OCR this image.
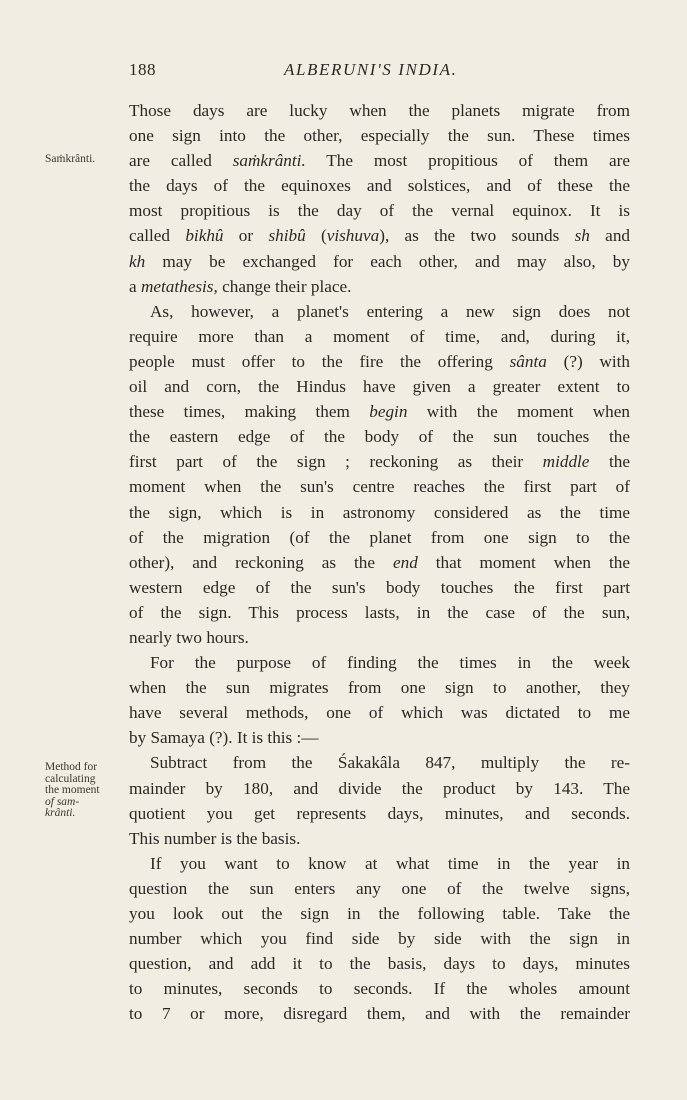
188	ALBERUNI'S INDIA.
Saṁkrânti.
Method for
calculating
the moment
of sam-
krânti.
Those days are lucky when the planets migrate from
one sign into the other, especially the sun. These times
are called saṁkrânti. The most propitious of them are
the days of the equinoxes and solstices, and of these the
most propitious is the day of the vernal equinox. It is
called bikhû or shibû (vishuva), as the two sounds sh and
kh may be exchanged for each other, and may also, by
a metathesis, change their place.
As, however, a planet's entering a new sign does not
require more than a moment of time, and, during it,
people must offer to the fire the offering sânta (?) with
oil and corn, the Hindus have given a greater extent to
these times, making them begin with the moment when
the eastern edge of the body of the sun touches the
first part of the sign ; reckoning as their middle the
moment when the sun's centre reaches the first part of
the sign, which is in astronomy considered as the time
of the migration (of the planet from one sign to the
other), and reckoning as the end that moment when the
western edge of the sun's body touches the first part
of the sign. This process lasts, in the case of the sun,
nearly two hours.
For the purpose of finding the times in the week
when the sun migrates from one sign to another, they
have several methods, one of which was dictated to me
by Samaya (?). It is this :—
Subtract from the Śakakâla 847, multiply the re-
mainder by 180, and divide the product by 143. The
quotient you get represents days, minutes, and seconds.
This number is the basis.
If you want to know at what time in the year in
question the sun enters any one of the twelve signs,
you look out the sign in the following table. Take the
number which you find side by side with the sign in
question, and add it to the basis, days to days, minutes
to minutes, seconds to seconds. If the wholes amount
to 7 or more, disregard them, and with the remainder
